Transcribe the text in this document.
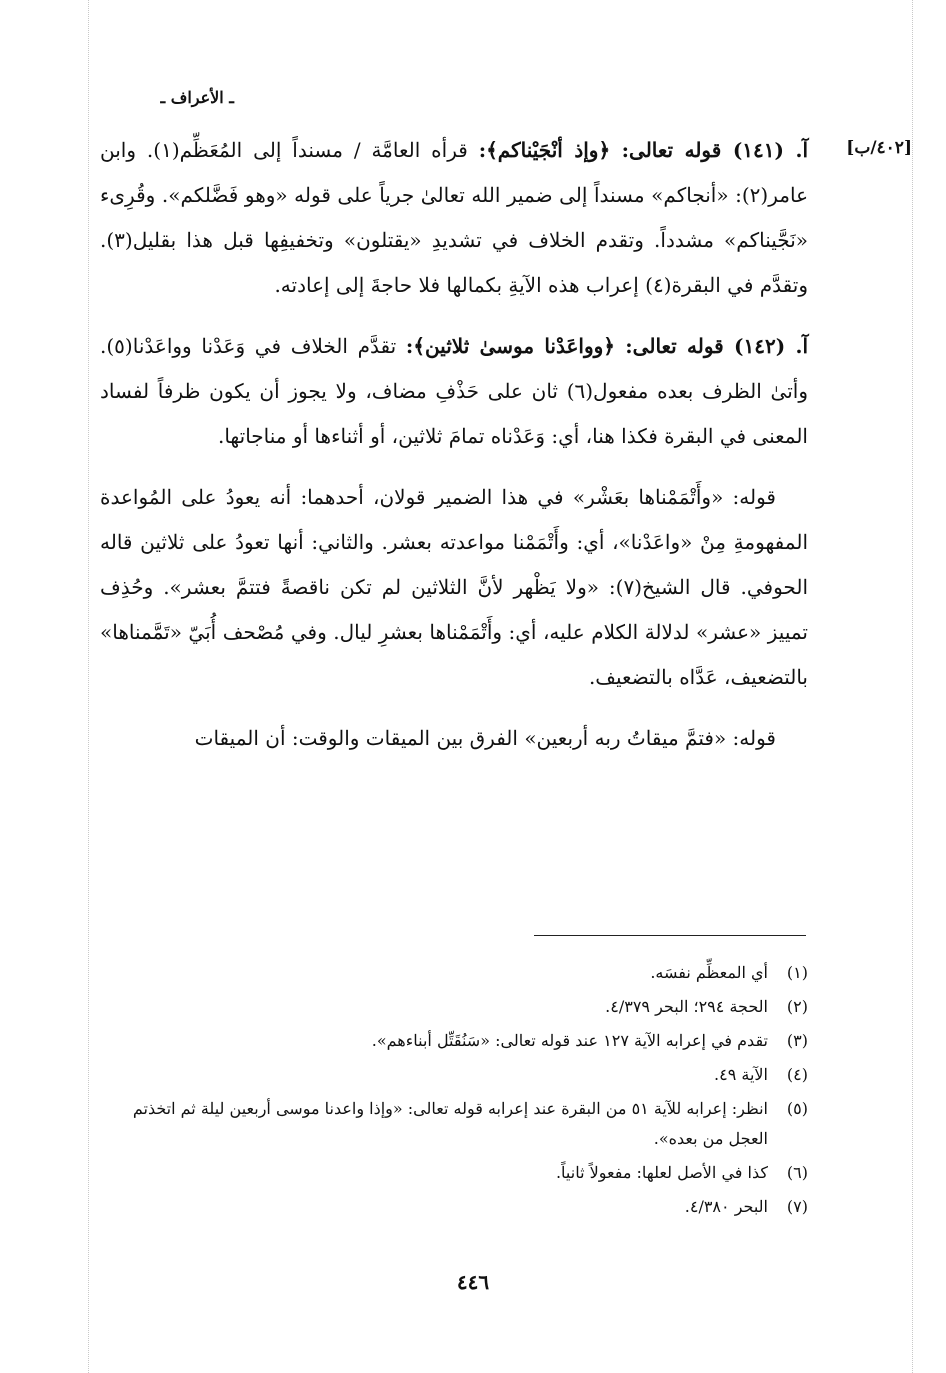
ـ الأعراف ـ
[٤٠٢/ب]

آ. (١٤١) قوله تعالى: ﴿وإذ أنْجَيْناكم﴾: قرأه العامَّة / مسنداً إلى المُعَظِّم(١). وابن عامر(٢): «أنجاكم» مسنداً إلى ضمير الله تعالىٰ جرياً على قوله «وهو فَضَّلكم». وقُرِىء «نَجَّيناكم» مشدداً. وتقدم الخلاف في تشديدِ «يقتلون» وتخفيفِها قبل هذا بقليل(٣). وتقدَّم في البقرة(٤) إعراب هذه الآيةِ بكمالها فلا حاجةَ إلى إعادته.

آ. (١٤٢) قوله تعالى: ﴿وواعَدْنا موسىٰ ثلاثين﴾: تقدَّم الخلاف في وَعَدْنا وواعَدْنا(٥). وأتىٰ الظرف بعده مفعول(٦) ثان على حَذْفِ مضاف، ولا يجوز أن يكون ظرفاً لفساد المعنى في البقرة فكذا هنا، أي: وَعَدْناه تمامَ ثلاثين، أو أثناءها أو مناجاتها.

قوله: «وأَتْمَمْناها بعَشْر» في هذا الضمير قولان، أحدهما: أنه يعودُ على المُواعدة المفهومةِ مِنْ «واعَدْنا»، أي: وأَتْمَمْنا مواعدته بعشر. والثاني: أنها تعودُ على ثلاثين قاله الحوفي. قال الشيخ(٧): «ولا يَظْهر لأنَّ الثلاثين لم تكن ناقصةً فتتمَّ بعشر». وحُذِف تمييز «عشر» لدلالة الكلام عليه، أي: وأَتْمَمْناها بعشرِ ليال. وفي مُصْحف أُبَيّ «تَمَّمناها» بالتضعيف، عَدَّاه بالتضعيف.

قوله: «فتمَّ ميقاتُ ربه أربعين» الفرق بين الميقات والوقت: أن الميقات

(١)أي المعظِّم نفسَه.
(٢)الحجة ٢٩٤؛ البحر ٤/٣٧٩.
(٣)تقدم في إعرابه الآية ١٢٧ عند قوله تعالى: «سَنُقَتِّل أبناءهم».
(٤)الآية ٤٩.
(٥)انظر: إعرابه للآية ٥١ من البقرة عند إعرابه قوله تعالى: «وإذا واعدنا موسى أربعين ليلة ثم اتخذتم العجل من بعده».
(٦)كذا في الأصل لعلها: مفعولاً ثانياً.
(٧)البحر ٤/٣٨٠.
٤٤٦
